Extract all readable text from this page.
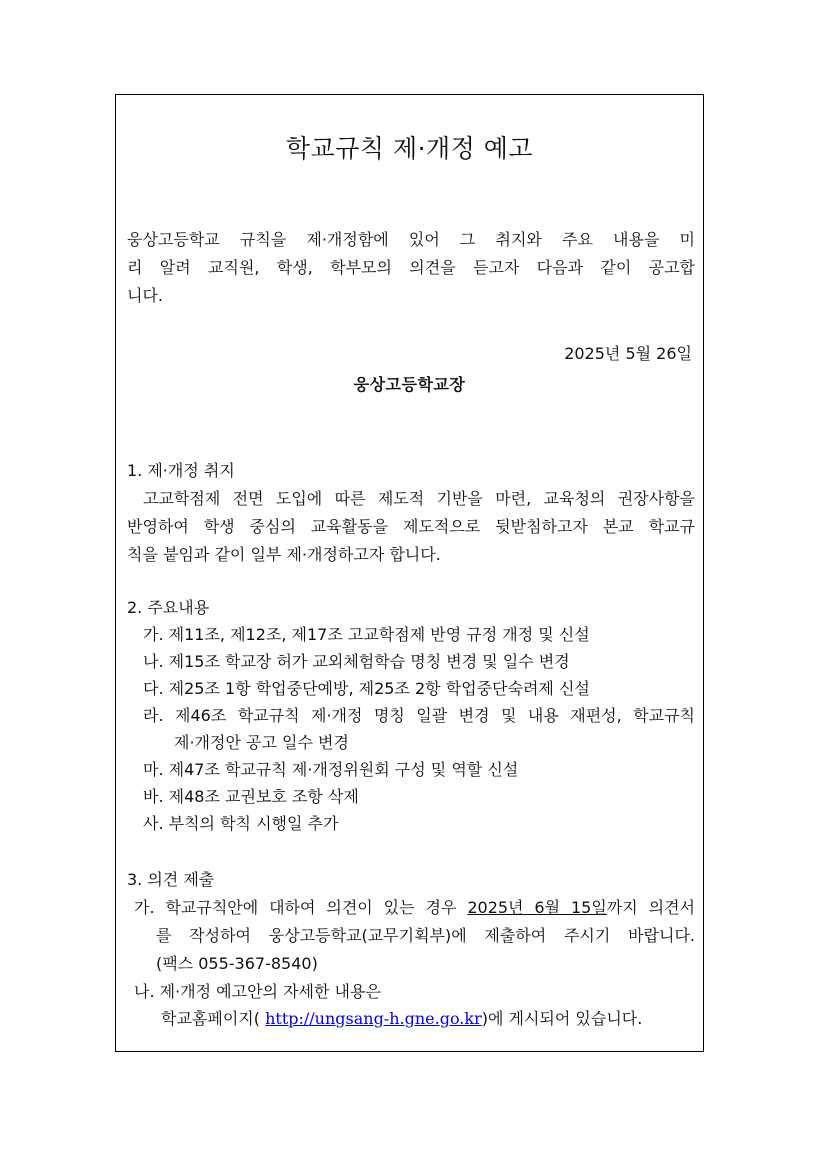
학교규칙 제·개정 예고
웅상고등학교 규칙을 제·개정함에 있어 그 취지와 주요 내용을 미
리 알려 교직원, 학생, 학부모의 의견을 듣고자 다음과 같이 공고합
니다.
2025년 5월 26일
웅상고등학교장
1. 제·개정 취지
고교학점제 전면 도입에 따른 제도적 기반을 마련, 교육청의 권장사항을
반영하여 학생 중심의 교육활동을 제도적으로 뒷받침하고자 본교 학교규
칙을 붙임과 같이 일부 제·개정하고자 합니다.
2. 주요내용
가. 제11조, 제12조, 제17조 고교학점제 반영 규정 개정 및 신설
나. 제15조 학교장 허가 교외체험학습 명칭 변경 및 일수 변경
다. 제25조 1항 학업중단예방, 제25조 2항 학업중단숙려제 신설
라. 제46조 학교규칙 제·개정 명칭 일괄 변경 및 내용 재편성, 학교규칙
제·개정안 공고 일수 변경
마. 제47조 학교규칙 제·개정위원회 구성 및 역할 신설
바. 제48조 교권보호 조항 삭제
사. 부칙의 학칙 시행일 추가
3. 의견 제출
가. 학교규칙안에 대하여 의견이 있는 경우 2025년 6월 15일까지 의견서
를 작성하여 웅상고등학교(교무기획부)에 제출하여 주시기 바랍니다.
(팩스 055-367-8540)
나. 제·개정 예고안의 자세한 내용은
학교홈페이지( http://ungsang-h.gne.go.kr)에 게시되어 있습니다.
